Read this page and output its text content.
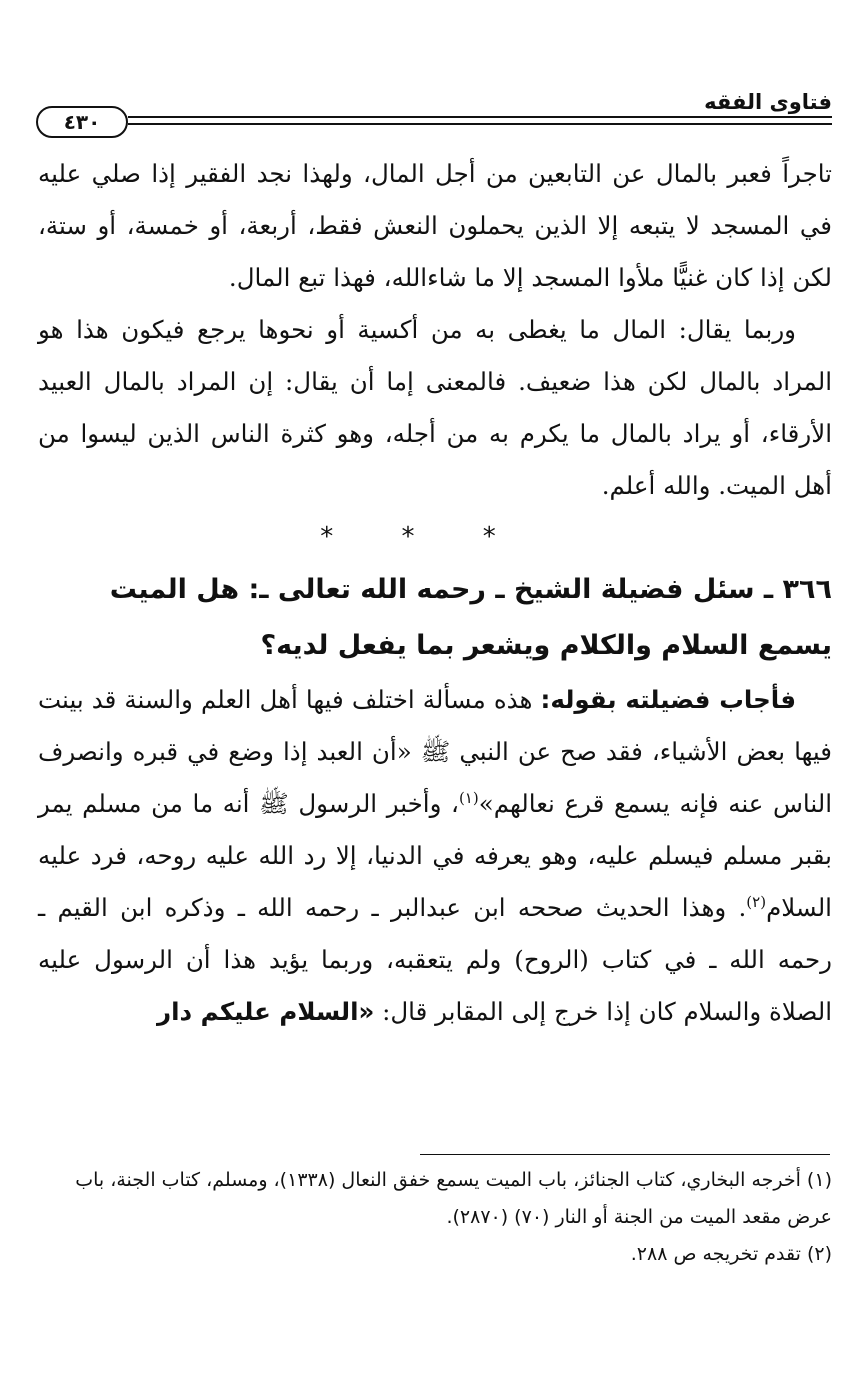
٤٣٠
فتاوى الفقه

تاجراً فعبر بالمال عن التابعين من أجل المال، ولهذا نجد الفقير إذا صلي عليه في المسجد لا يتبعه إلا الذين يحملون النعش فقط، أربعة، أو خمسة، أو ستة، لكن إذا كان غنيًّا ملأوا المسجد إلا ما شاءالله، فهذا تبع المال.

وربما يقال: المال ما يغطى به من أكسية أو نحوها يرجع فيكون هذا هو المراد بالمال لكن هذا ضعيف. فالمعنى إما أن يقال: إن المراد بالمال العبيد الأرقاء، أو يراد بالمال ما يكرم به من أجله، وهو كثرة الناس الذين ليسوا من أهل الميت. والله أعلم.

* * *

٣٦٦ ـ سئل فضيلة الشيخ ـ رحمه الله تعالى ـ: هل الميت يسمع السلام والكلام ويشعر بما يفعل لديه؟

فأجاب فضيلته بقوله: هذه مسألة اختلف فيها أهل العلم والسنة قد بينت فيها بعض الأشياء، فقد صح عن النبي ﷺ «أن العبد إذا وضع في قبره وانصرف الناس عنه فإنه يسمع قرع نعالهم»$^{(١)}$، وأخبر الرسول ﷺ أنه ما من مسلم يمر بقبر مسلم فيسلم عليه، وهو يعرفه في الدنيا، إلا رد الله عليه روحه، فرد عليه السلام$^{(٢)}$. وهذا الحديث صححه ابن عبدالبر ـ رحمه الله ـ وذكره ابن القيم ـ رحمه الله ـ في كتاب (الروح) ولم يتعقبه، وربما يؤيد هذا أن الرسول عليه الصلاة والسلام كان إذا خرج إلى المقابر قال: «السلام عليكم دار

(١) أخرجه البخاري، كتاب الجنائز، باب الميت يسمع خفق النعال (١٣٣٨)، ومسلم، كتاب الجنة، باب عرض مقعد الميت من الجنة أو النار (٧٠) (٢٨٧٠).

(٢) تقدم تخريجه ص ٢٨٨.
